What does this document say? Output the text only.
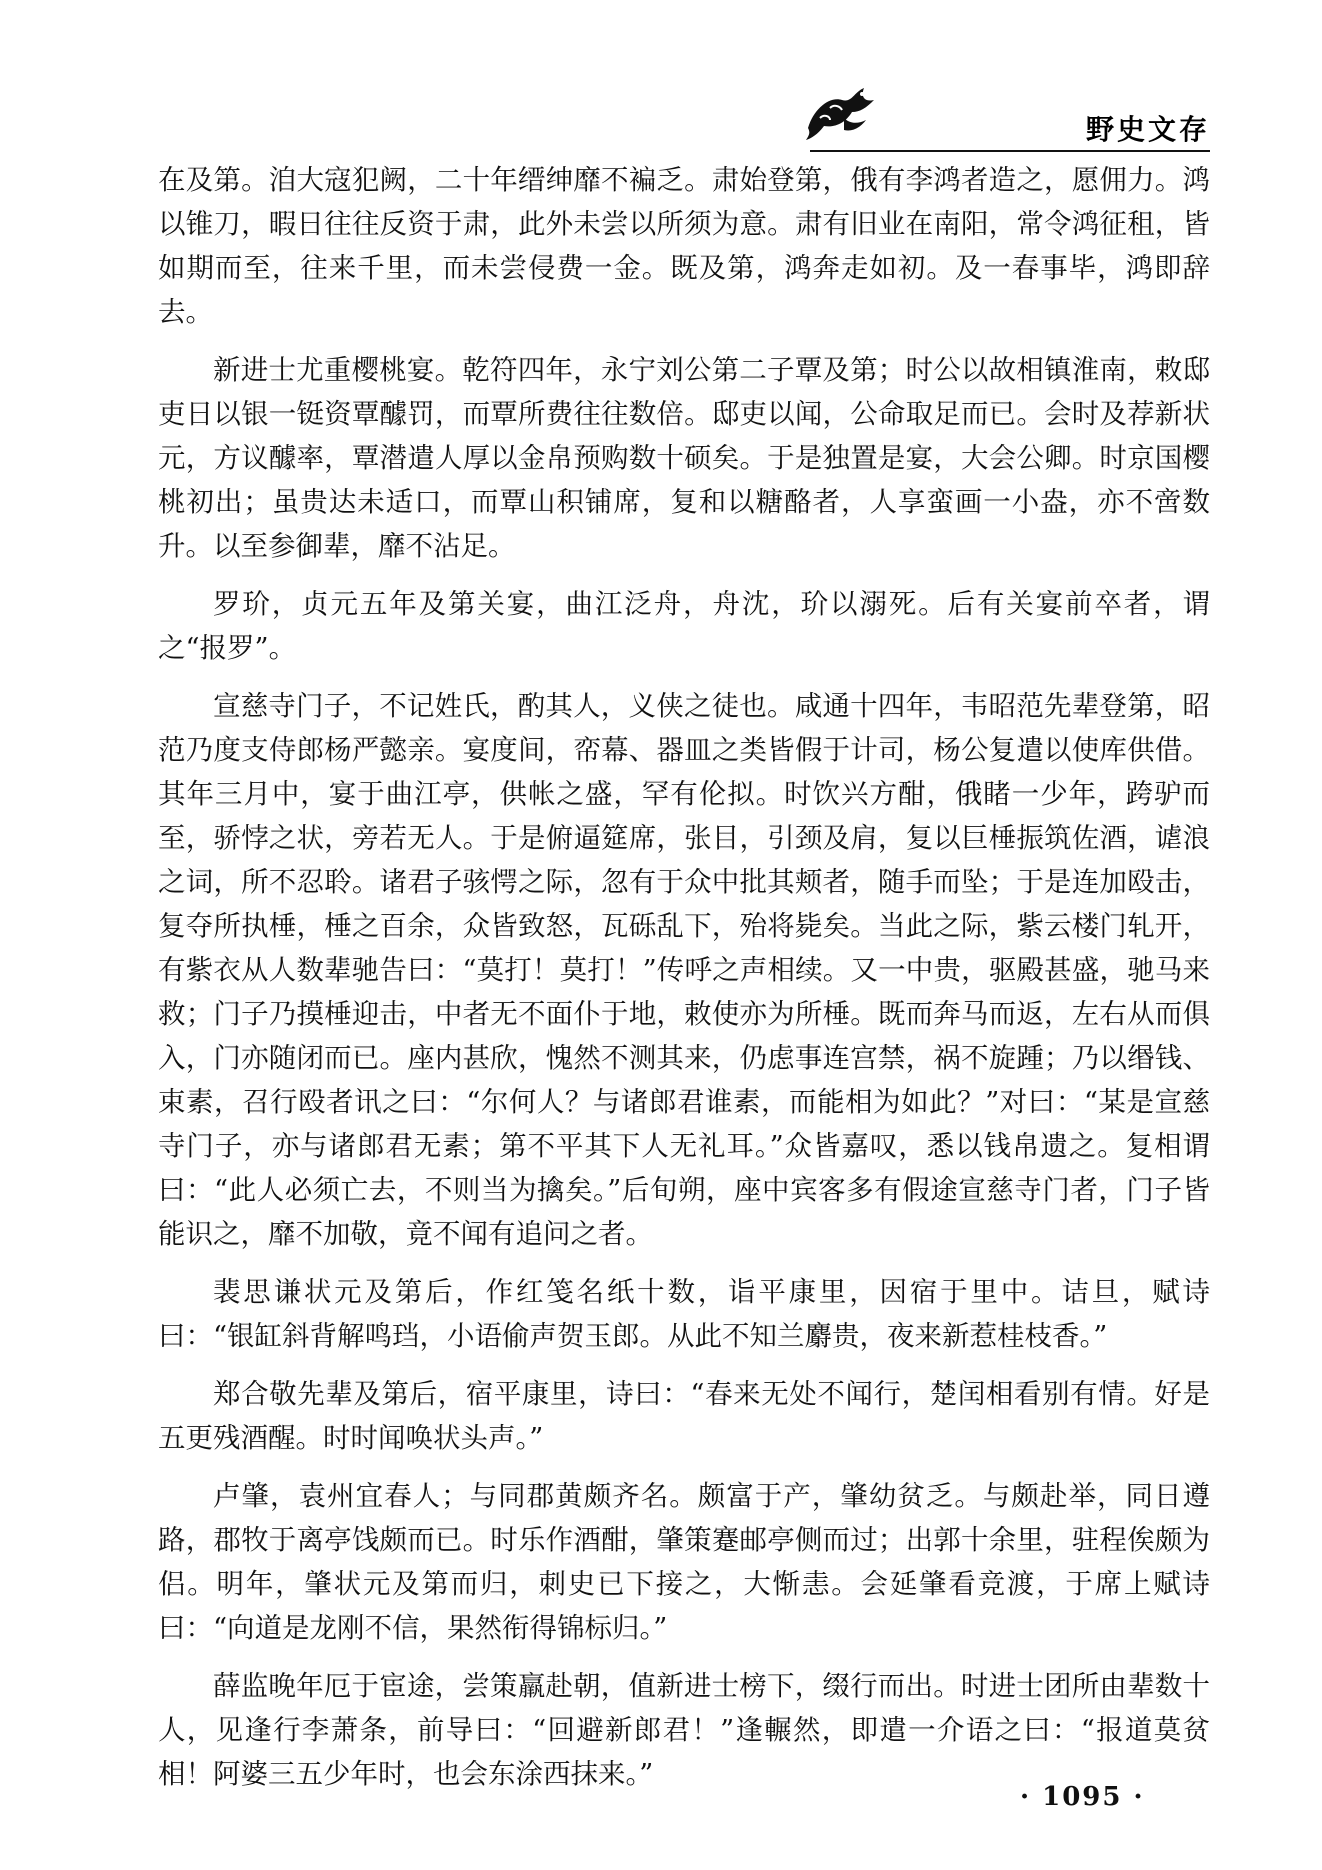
野史文存

在及第。洎大寇犯阙，二十年缙绅靡不褊乏。肃始登第，俄有李鸿者造之，愿佣力。鸿以锥刀，暇日往往反资于肃，此外未尝以所须为意。肃有旧业在南阳，常令鸿征租，皆如期而至，往来千里，而未尝侵费一金。既及第，鸿奔走如初。及一春事毕，鸿即辞去。

新进士尤重樱桃宴。乾符四年，永宁刘公第二子覃及第；时公以故相镇淮南，敕邸吏日以银一铤资覃醵罚，而覃所费往往数倍。邸吏以闻，公命取足而已。会时及荐新状元，方议醵率，覃潜遣人厚以金帛预购数十硕矣。于是独置是宴，大会公卿。时京国樱桃初出；虽贵达未适口，而覃山积铺席，复和以糖酪者，人享蛮画一小盎，亦不啻数升。以至参御辈，靡不沾足。

罗玠，贞元五年及第关宴，曲江泛舟，舟沈，玠以溺死。后有关宴前卒者，谓之“报罗”。

宣慈寺门子，不记姓氏，酌其人，义侠之徒也。咸通十四年，韦昭范先辈登第，昭范乃度支侍郎杨严懿亲。宴度间，帟幕、器皿之类皆假于计司，杨公复遣以使库供借。其年三月中，宴于曲江亭，供帐之盛，罕有伦拟。时饮兴方酣，俄睹一少年，跨驴而至，骄悖之状，旁若无人。于是俯逼筵席，张目，引颈及肩，复以巨棰振筑佐酒，谑浪之词，所不忍聆。诸君子骇愕之际，忽有于众中批其颊者，随手而坠；于是连加殴击，复夺所执棰，棰之百余，众皆致怒，瓦砾乱下，殆将毙矣。当此之际，紫云楼门轧开，有紫衣从人数辈驰告曰：“莫打！莫打！”传呼之声相续。又一中贵，驱殿甚盛，驰马来救；门子乃摸棰迎击，中者无不面仆于地，敕使亦为所棰。既而奔马而返，左右从而俱入，门亦随闭而已。座内甚欣，愧然不测其来，仍虑事连宫禁，祸不旋踵；乃以缗钱、束素，召行殴者讯之曰：“尔何人？与诸郎君谁素，而能相为如此？”对曰：“某是宣慈寺门子，亦与诸郎君无素；第不平其下人无礼耳。”众皆嘉叹，悉以钱帛遗之。复相谓曰：“此人必须亡去，不则当为擒矣。”后旬朔，座中宾客多有假途宣慈寺门者，门子皆能识之，靡不加敬，竟不闻有追问之者。

裴思谦状元及第后，作红笺名纸十数，诣平康里，因宿于里中。诘旦，赋诗曰：“银缸斜背解鸣珰，小语偷声贺玉郎。从此不知兰麝贵，夜来新惹桂枝香。”

郑合敬先辈及第后，宿平康里，诗曰：“春来无处不闻行，楚闰相看别有情。好是五更残酒醒。时时闻唤状头声。”

卢肇，袁州宜春人；与同郡黄颇齐名。颇富于产，肇幼贫乏。与颇赴举，同日遵路，郡牧于离亭饯颇而已。时乐作酒酣，肇策蹇邮亭侧而过；出郭十余里，驻程俟颇为侣。明年，肇状元及第而归，刺史已下接之，大惭恚。会延肇看竞渡，于席上赋诗曰：“向道是龙刚不信，果然衔得锦标归。”

薛监晚年厄于宦途，尝策羸赴朝，值新进士榜下，缀行而出。时进士团所由辈数十人，见逢行李萧条，前导曰：“回避新郎君！”逢輾然，即遣一介语之曰：“报道莫贫相！阿婆三五少年时，也会东涂西抹来。”

· 1095 ·
